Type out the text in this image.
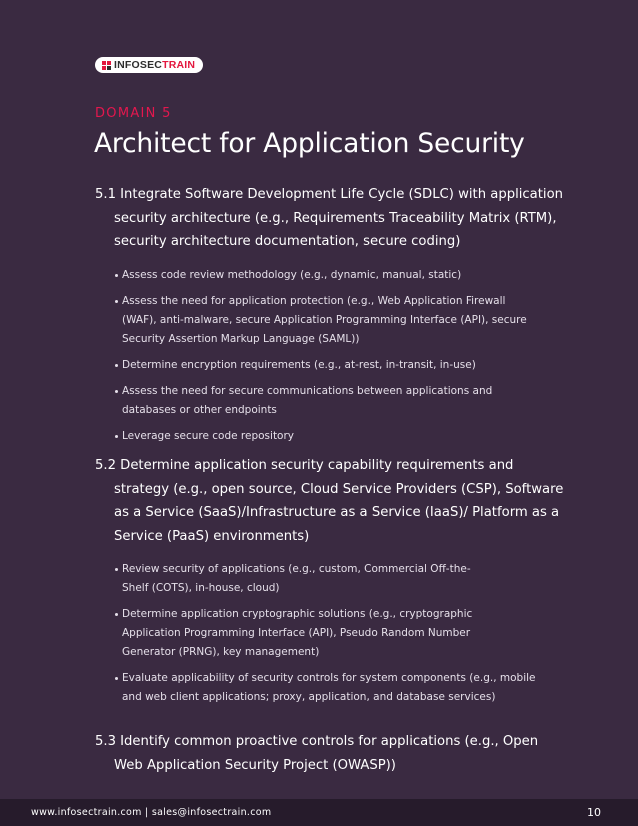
INFOSECTRAIN
DOMAIN 5
Architect for Application Security

5.1 Integrate Software Development Life Cycle (SDLC) with application security architecture (e.g., Requirements Traceability Matrix (RTM), security architecture documentation, secure coding)

Assess code review methodology (e.g., dynamic, manual, static)
Assess the need for application protection (e.g., Web Application Firewall (WAF), anti-malware, secure Application Programming Interface (API), secure Security Assertion Markup Language (SAML))
Determine encryption requirements (e.g., at-rest, in-transit, in-use)
Assess the need for secure communications between applications and databases or other endpoints
Leverage secure code repository

5.2 Determine application security capability requirements and strategy (e.g., open source, Cloud Service Providers (CSP), Software as a Service (SaaS)/Infrastructure as a Service (IaaS)/ Platform as a Service (PaaS) environments)

Review security of applications (e.g., custom, Commercial Off-the-Shelf (COTS), in-house, cloud)
Determine application cryptographic solutions (e.g., cryptographic Application Programming Interface (API), Pseudo Random Number Generator (PRNG), key management)
Evaluate applicability of security controls for system components (e.g., mobile and web client applications; proxy, application, and database services)

5.3 Identify common proactive controls for applications (e.g., Open Web Application Security Project (OWASP))

www.infosectrain.com | sales@infosectrain.com	10
